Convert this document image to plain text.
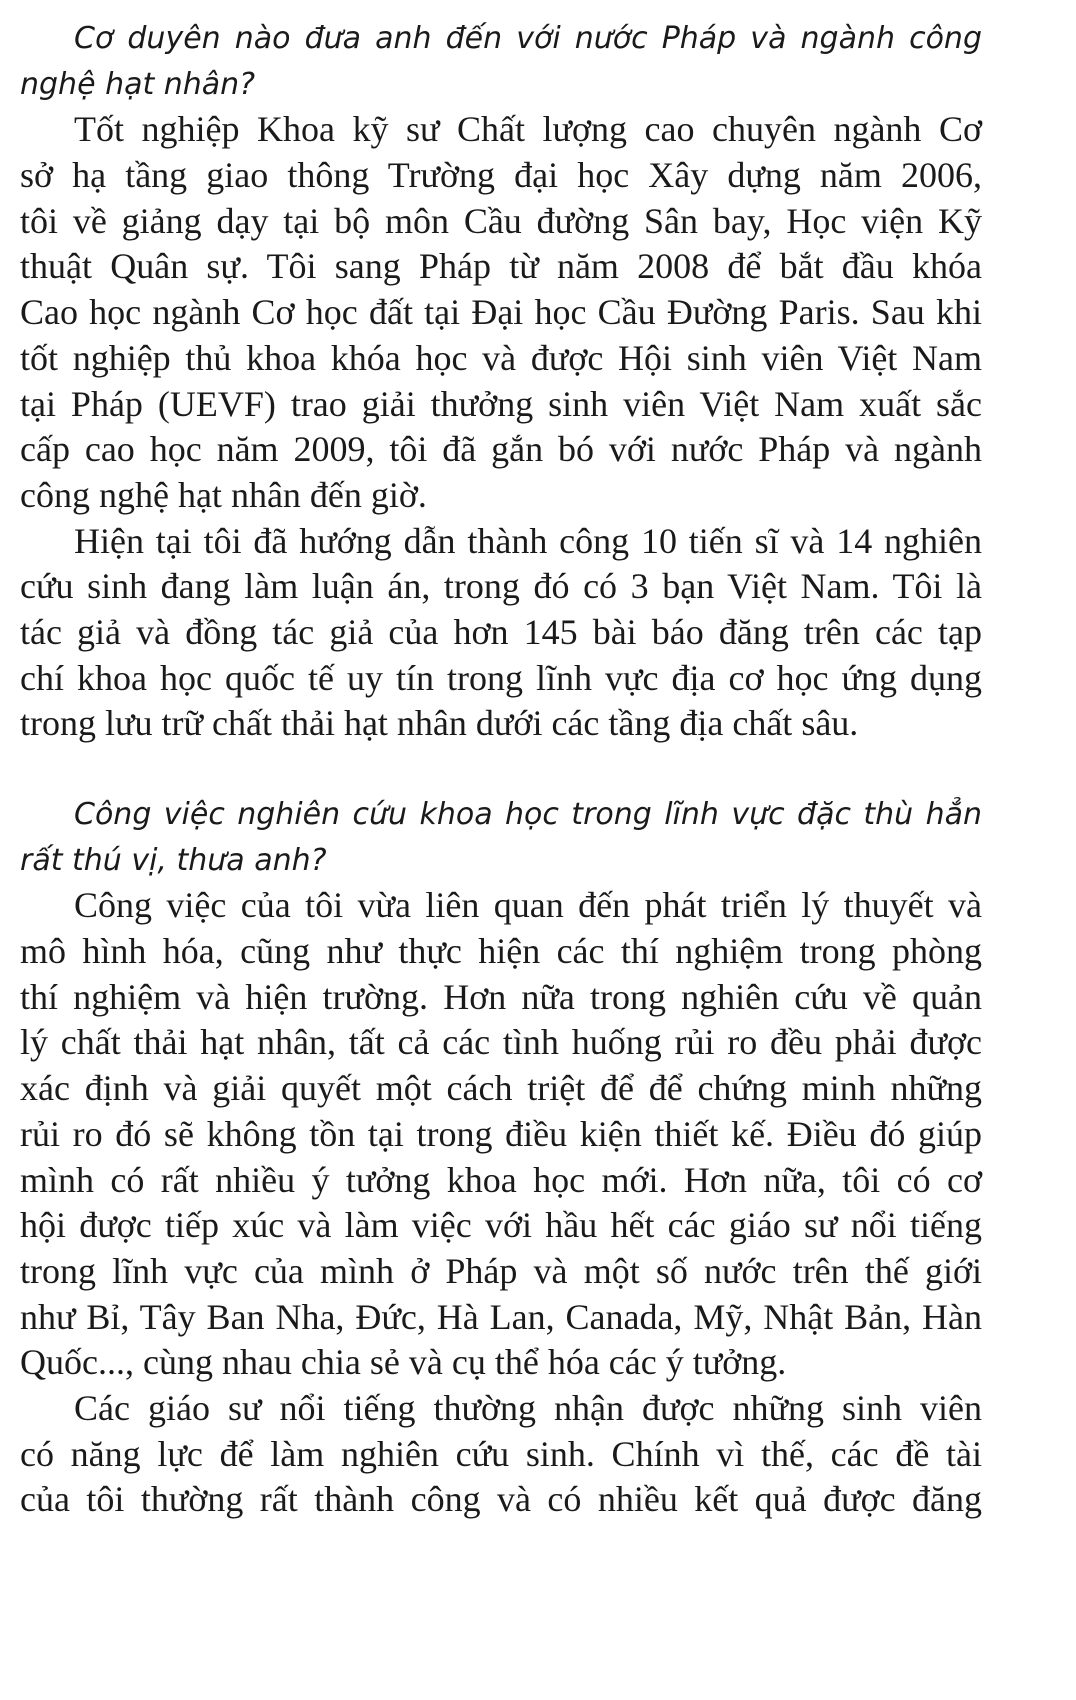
Cơ duyên nào đưa anh đến với nước Pháp và ngành công
nghệ hạt nhân?
Tốt nghiệp Khoa kỹ sư Chất lượng cao chuyên ngành Cơ
sở hạ tầng giao thông Trường đại học Xây dựng năm 2006,
tôi về giảng dạy tại bộ môn Cầu đường Sân bay, Học viện Kỹ
thuật Quân sự. Tôi sang Pháp từ năm 2008 để bắt đầu khóa
Cao học ngành Cơ học đất tại Đại học Cầu Đường Paris. Sau khi
tốt nghiệp thủ khoa khóa học và được Hội sinh viên Việt Nam
tại Pháp (UEVF) trao giải thưởng sinh viên Việt Nam xuất sắc
cấp cao học năm 2009, tôi đã gắn bó với nước Pháp và ngành
công nghệ hạt nhân đến giờ.
Hiện tại tôi đã hướng dẫn thành công 10 tiến sĩ và 14 nghiên
cứu sinh đang làm luận án, trong đó có 3 bạn Việt Nam. Tôi là
tác giả và đồng tác giả của hơn 145 bài báo đăng trên các tạp
chí khoa học quốc tế uy tín trong lĩnh vực địa cơ học ứng dụng
trong lưu trữ chất thải hạt nhân dưới các tầng địa chất sâu.
Công việc nghiên cứu khoa học trong lĩnh vực đặc thù hẳn
rất thú vị, thưa anh?
Công việc của tôi vừa liên quan đến phát triển lý thuyết và
mô hình hóa, cũng như thực hiện các thí nghiệm trong phòng
thí nghiệm và hiện trường. Hơn nữa trong nghiên cứu về quản
lý chất thải hạt nhân, tất cả các tình huống rủi ro đều phải được
xác định và giải quyết một cách triệt để để chứng minh những
rủi ro đó sẽ không tồn tại trong điều kiện thiết kế. Điều đó giúp
mình có rất nhiều ý tưởng khoa học mới. Hơn nữa, tôi có cơ
hội được tiếp xúc và làm việc với hầu hết các giáo sư nổi tiếng
trong lĩnh vực của mình ở Pháp và một số nước trên thế giới
như Bỉ, Tây Ban Nha, Đức, Hà Lan, Canada, Mỹ, Nhật Bản, Hàn
Quốc..., cùng nhau chia sẻ và cụ thể hóa các ý tưởng.
Các giáo sư nổi tiếng thường nhận được những sinh viên
có năng lực để làm nghiên cứu sinh. Chính vì thế, các đề tài
của tôi thường rất thành công và có nhiều kết quả được đăng
